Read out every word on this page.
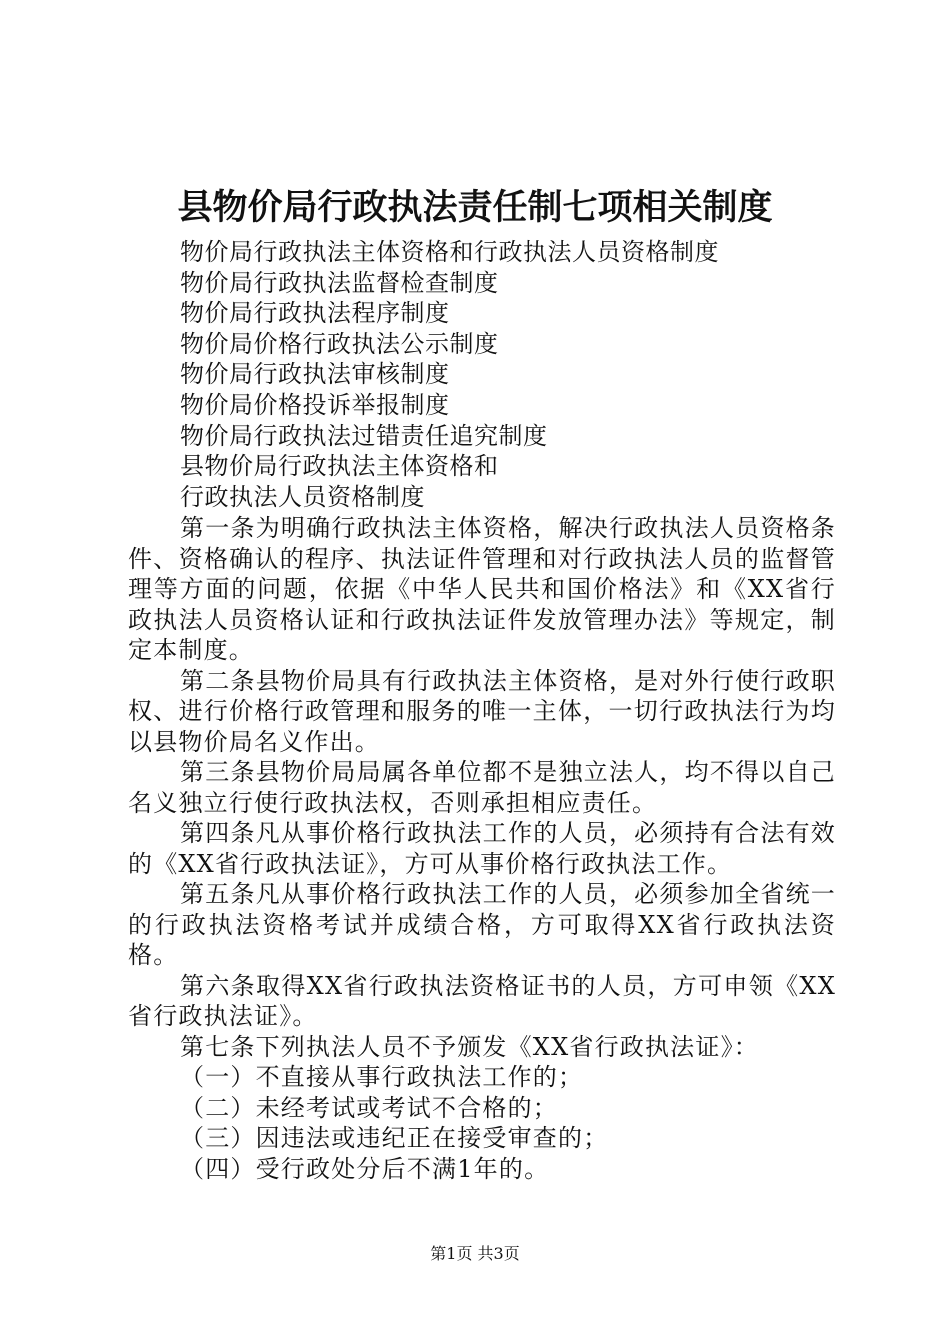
县物价局行政执法责任制七项相关制度
物价局行政执法主体资格和行政执法人员资格制度
物价局行政执法监督检查制度
物价局行政执法程序制度
物价局价格行政执法公示制度
物价局行政执法审核制度
物价局价格投诉举报制度
物价局行政执法过错责任追究制度
县物价局行政执法主体资格和
行政执法人员资格制度

第一条为明确行政执法主体资格，解决行政执法人员资格条件、资格确认的程序、执法证件管理和对行政执法人员的监督管理等方面的问题，依据《中华人民共和国价格法》和《XX省行政执法人员资格认证和行政执法证件发放管理办法》等规定，制定本制度。

第二条县物价局具有行政执法主体资格，是对外行使行政职权、进行价格行政管理和服务的唯一主体，一切行政执法行为均以县物价局名义作出。

第三条县物价局局属各单位都不是独立法人，均不得以自己名义独立行使行政执法权，否则承担相应责任。

第四条凡从事价格行政执法工作的人员，必须持有合法有效的《XX省行政执法证》，方可从事价格行政执法工作。

第五条凡从事价格行政执法工作的人员，必须参加全省统一的行政执法资格考试并成绩合格，方可取得XX省行政执法资格。

第六条取得XX省行政执法资格证书的人员，方可申领《XX省行政执法证》。

第七条下列执法人员不予颁发《XX省行政执法证》：

（一）不直接从事行政执法工作的；

（二）未经考试或考试不合格的；

（三）因违法或违纪正在接受审查的；

（四）受行政处分后不满1年的。

第1页 共3页
